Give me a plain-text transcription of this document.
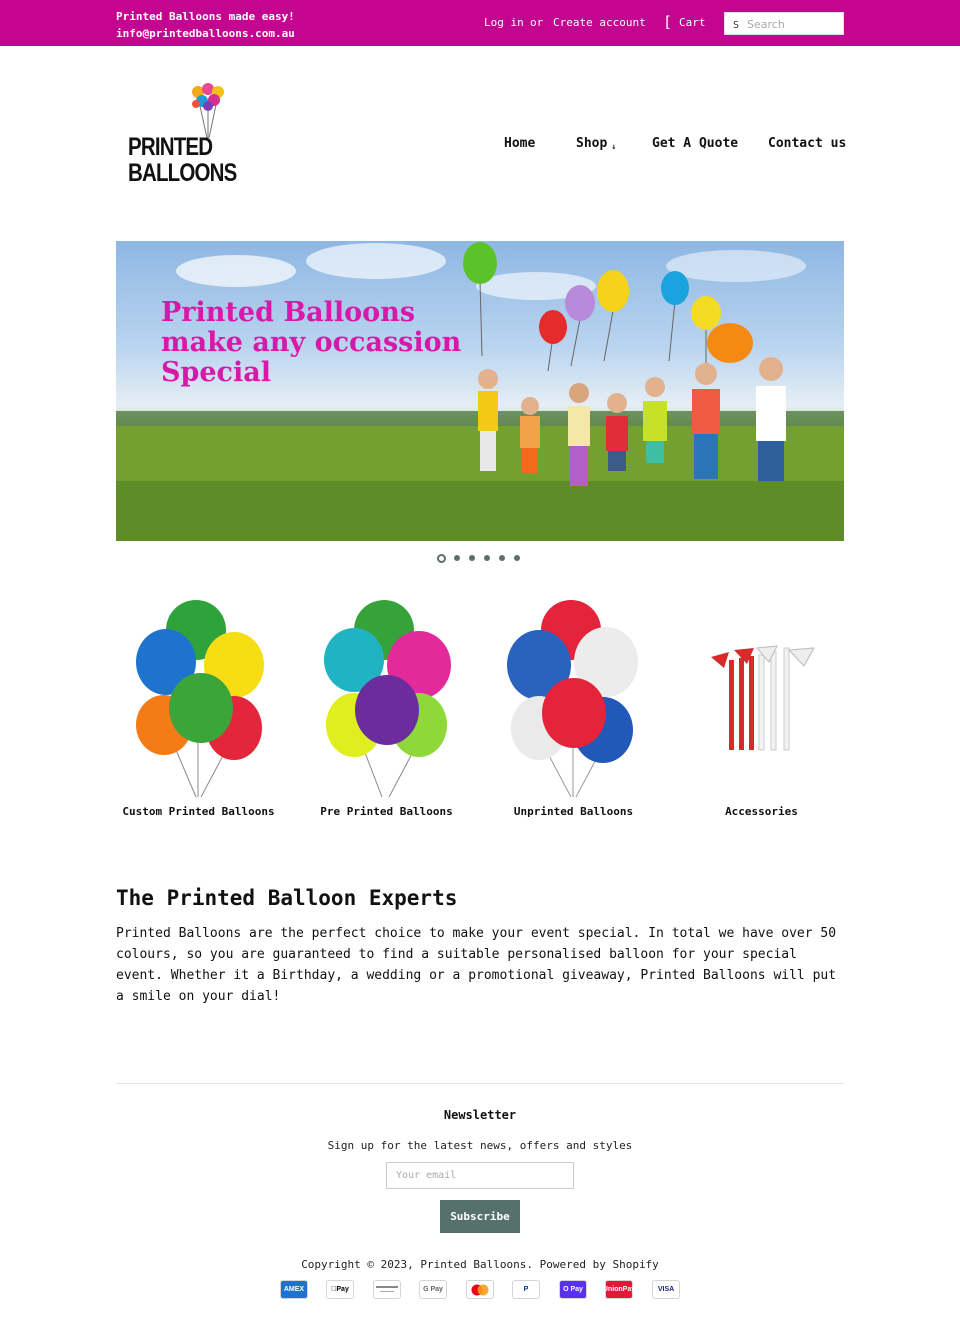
Printed Balloons made easy!
info@printedballoons.com.au
Log in or Create account [ Cart	S
Search
PRINTED
BALLOONS
Home	Shop ↓	Get A Quote Contact us
Printed Balloons
make any occassion
Special
Custom Printed Balloons	Pre Printed Balloons	Unprinted Balloons	Accessories
The Printed Balloon Experts

Printed Balloons are the perfect choice to make your event special. In total we have over 50 colours, so you are guaranteed to find a suitable personalised balloon for your special event. Whether it a Birthday, a wedding or a promotional giveaway, Printed Balloons will put a smile on your dial!

Newsletter
Sign up for the latest news, offers and styles
Your email
Subscribe
Copyright © 2023, Printed Balloons. Powered by Shopify
AMEX	Pay	G Pay	P	O Pay	UnionPay	VISA
